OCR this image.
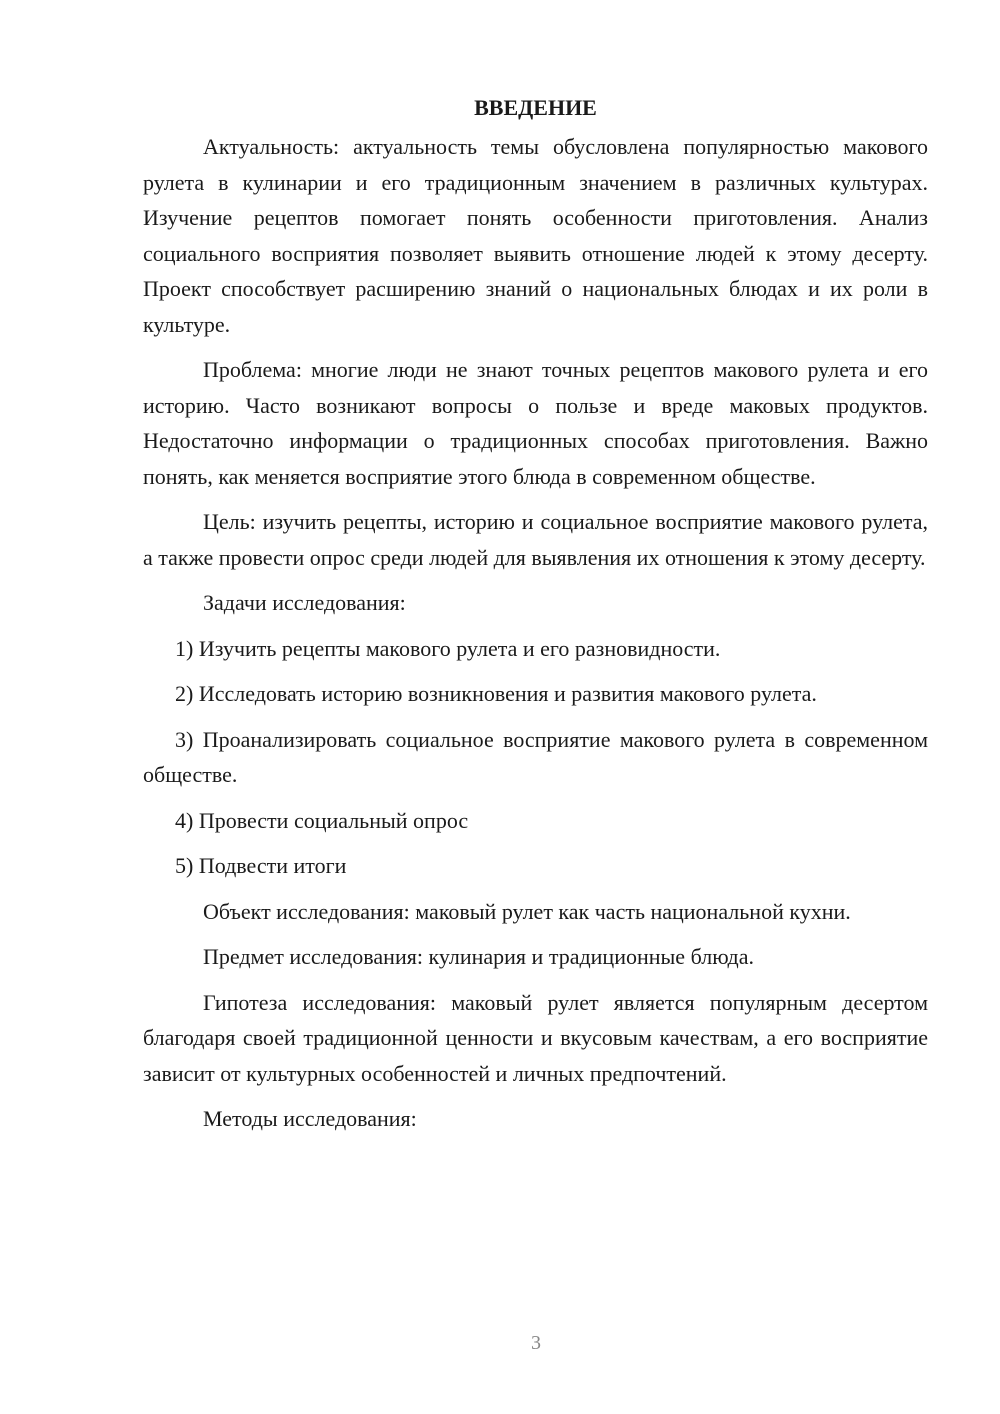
ВВЕДЕНИЕ

Актуальность: актуальность темы обусловлена популярностью макового рулета в кулинарии и его традиционным значением в различных культурах. Изучение рецептов помогает понять особенности приготовления. Анализ социального восприятия позволяет выявить отношение людей к этому десерту. Проект способствует расширению знаний о национальных блюдах и их роли в культуре.

Проблема: многие люди не знают точных рецептов макового рулета и его историю. Часто возникают вопросы о пользе и вреде маковых продуктов. Недостаточно информации о традиционных способах приготовления. Важно понять, как меняется восприятие этого блюда в современном обществе.

Цель: изучить рецепты, историю и социальное восприятие макового рулета, а также провести опрос среди людей для выявления их отношения к этому десерту.

Задачи исследования:

1) Изучить рецепты макового рулета и его разновидности.

2) Исследовать историю возникновения и развития макового рулета.

3) Проанализировать социальное восприятие макового рулета в современном обществе.

4) Провести социальный опрос

5) Подвести итоги

Объект исследования: маковый рулет как часть национальной кухни.

Предмет исследования: кулинария и традиционные блюда.

Гипотеза исследования: маковый рулет является популярным десертом благодаря своей традиционной ценности и вкусовым качествам, а его восприятие зависит от культурных особенностей и личных предпочтений.

Методы исследования:

3
